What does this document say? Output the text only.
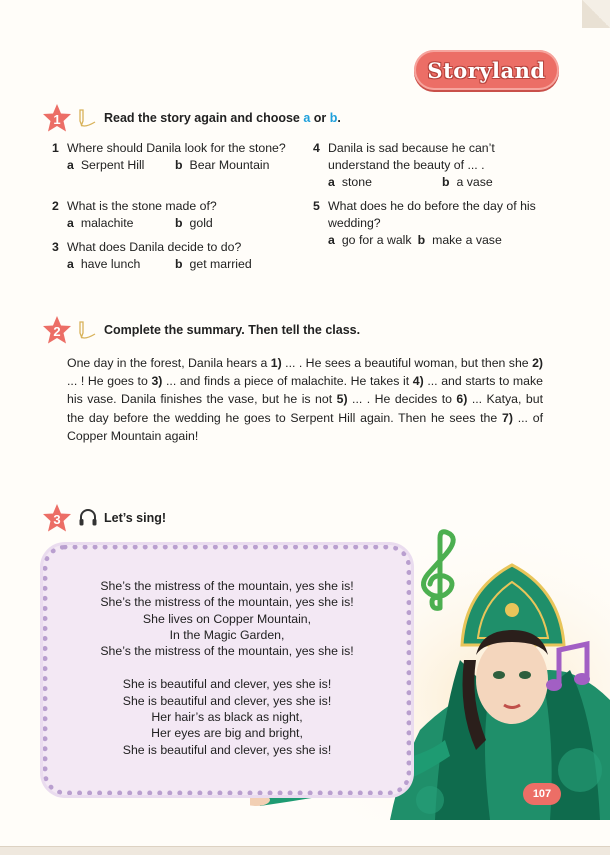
Storyland
1	Read the story again and choose a or b.
1 Where should Danila look for the stone?
a Serpent Hill	b Bear Mountain
2 What is the stone made of?
a malachite	b gold
3 What does Danila decide to do?
a have lunch	b get married
4 Danila is sad because he can’t understand the beauty of ... .
a stone	b a vase
5 What does he do before the day of his wedding?
a go for a walk b make a vase
2	Complete the summary. Then tell the class.
One day in the forest, Danila hears a 1) ... . He sees a beautiful woman, but then she 2) ... ! He goes to 3) ... and finds a piece of malachite. He takes it 4) ... and starts to make his vase. Danila finishes the vase, but he is not 5) ... . He decides to 6) ... Katya, but the day before the wedding he goes to Serpent Hill again. Then he sees the 7) ... of Copper Mountain again!
3	Let’s sing!
She’s the mistress of the mountain, yes she is!
She’s the mistress of the mountain, yes she is!
She lives on Copper Mountain,
In the Magic Garden,
She’s the mistress of the mountain, yes she is!
She is beautiful and clever, yes she is!
She is beautiful and clever, yes she is!
Her hair’s as black as night,
Her eyes are big and bright,
She is beautiful and clever, yes she is!
107
